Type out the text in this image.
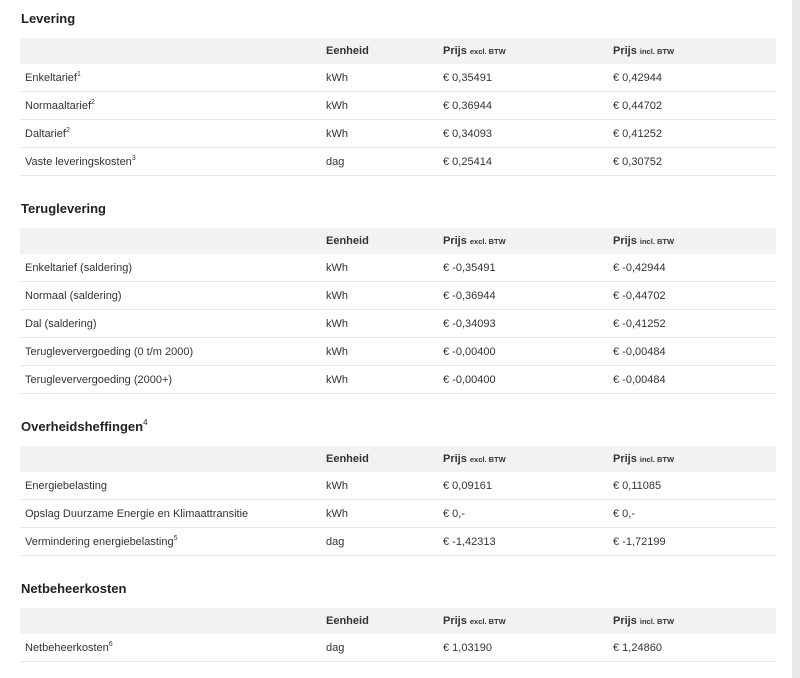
Levering
	Eenheid	Prijs excl. BTW	Prijs incl. BTW
Enkeltarief$^1$	kWh	€ 0,35491	€ 0,42944
Normaaltarief$^2$	kWh	€ 0,36944	€ 0,44702
Daltarief$^2$	kWh	€ 0,34093	€ 0,41252
Vaste leveringskosten$^3$	dag	€ 0,25414	€ 0,30752
Teruglevering
	Eenheid	Prijs excl. BTW	Prijs incl. BTW
Enkeltarief (saldering)	kWh	€ -0,35491	€ -0,42944
Normaal (saldering)	kWh	€ -0,36944	€ -0,44702
Dal (saldering)	kWh	€ -0,34093	€ -0,41252
Terugleververgoeding (0 t/m 2000)	kWh	€ -0,00400	€ -0,00484
Terugleververgoeding (2000+)	kWh	€ -0,00400	€ -0,00484
Overheidsheffingen$^4$
	Eenheid	Prijs excl. BTW	Prijs incl. BTW
Energiebelasting	kWh	€ 0,09161	€ 0,11085
Opslag Duurzame Energie en Klimaattransitie	kWh	€ 0,-	€ 0,-
Vermindering energiebelasting$^5$	dag	€ -1,42313	€ -1,72199
Netbeheerkosten
	Eenheid	Prijs excl. BTW	Prijs incl. BTW
Netbeheerkosten$^6$	dag	€ 1,03190	€ 1,24860
